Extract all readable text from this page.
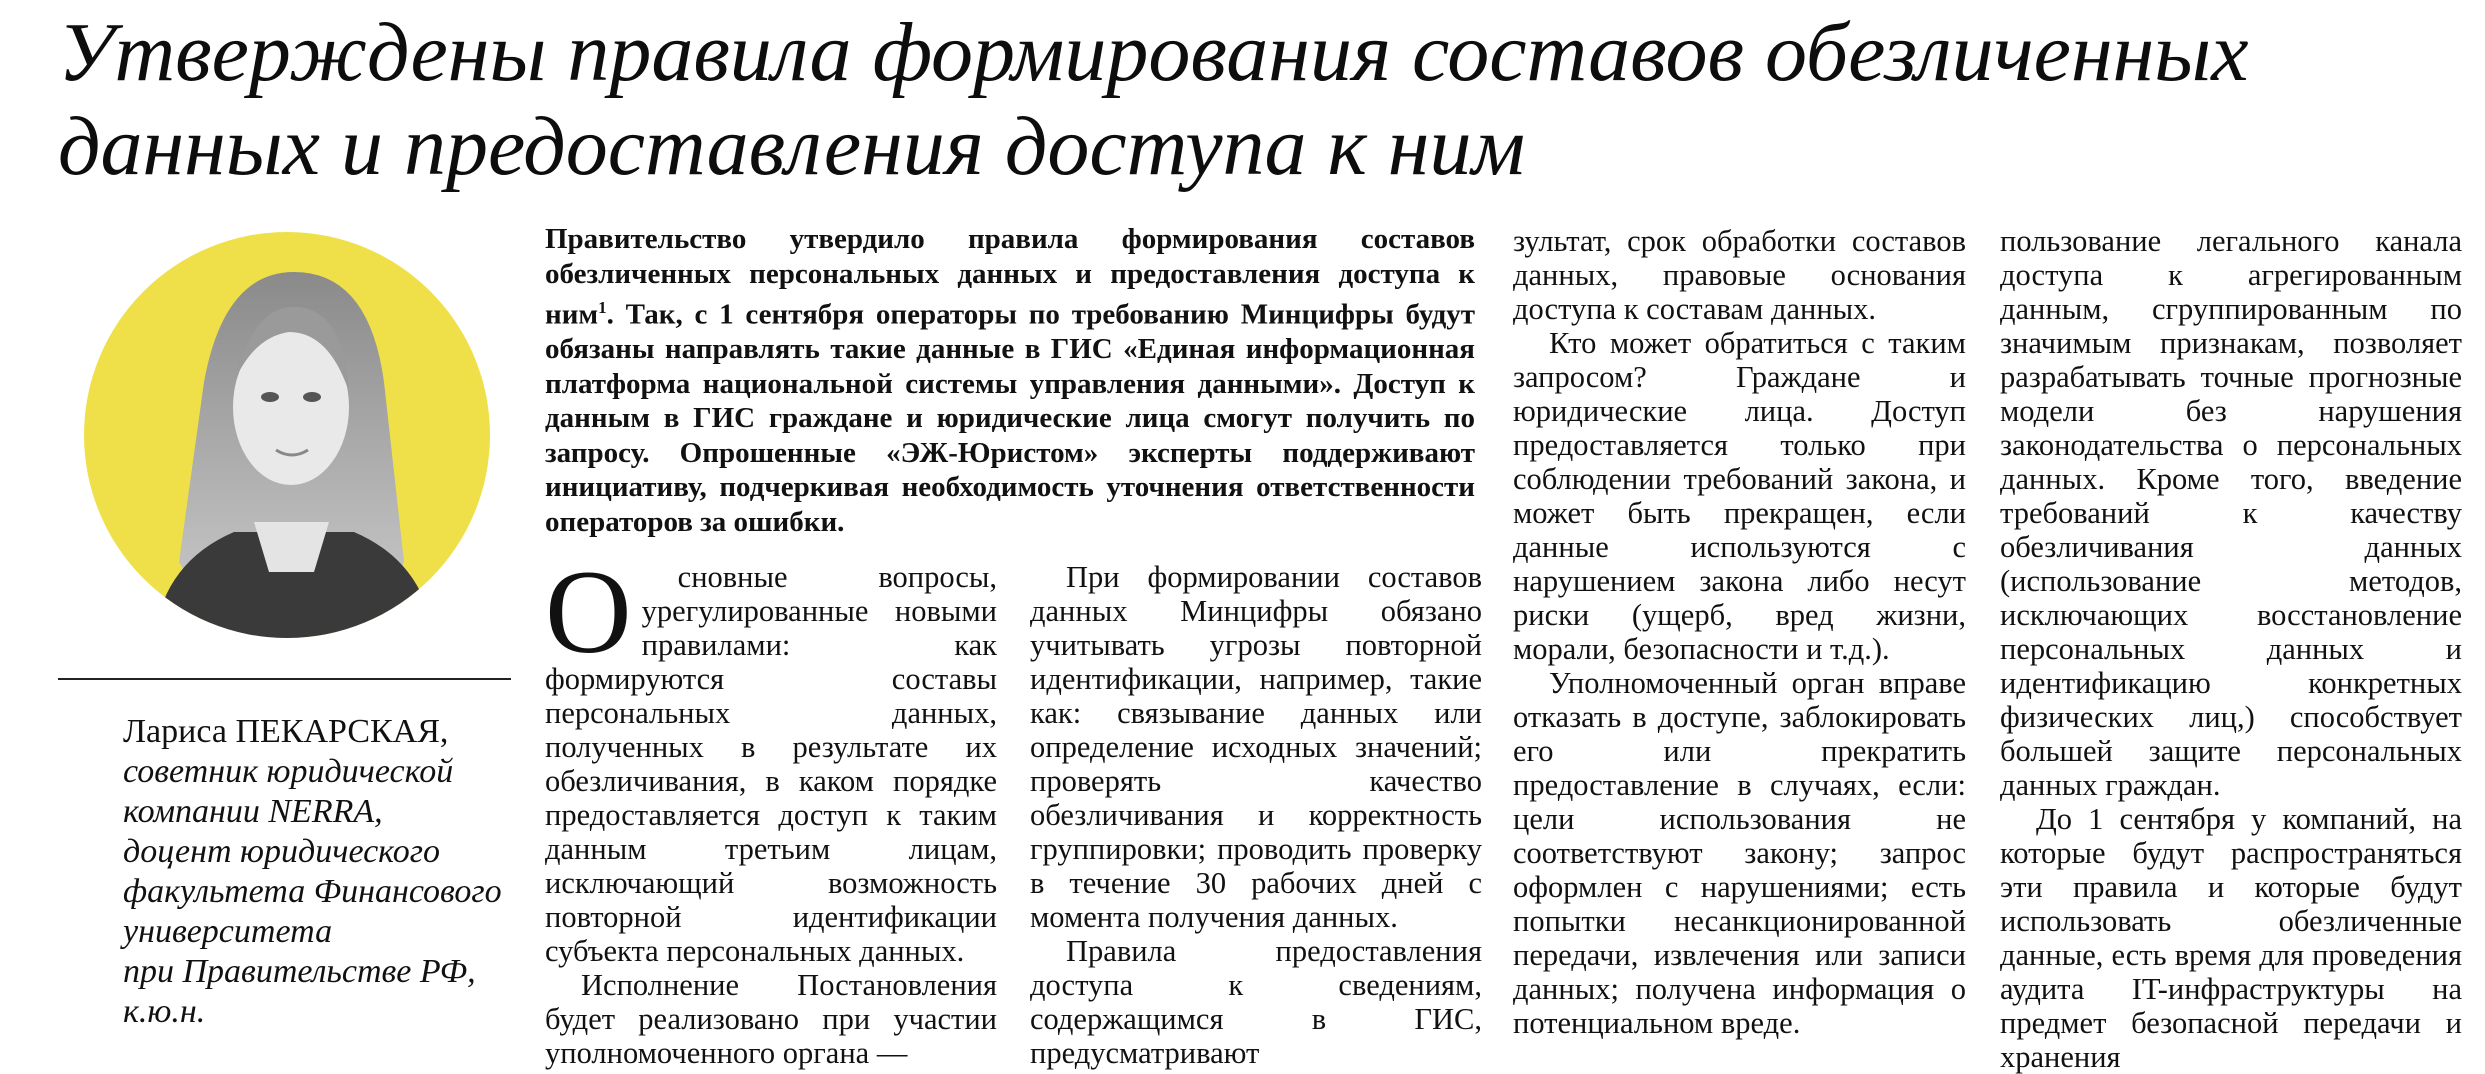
Утверждены правила формирования составов обезличенных данных и предоставления доступа к ним
Лариса ПЕКАРСКАЯ,
советник юридической компании NERRA,
доцент юридического факультета Финансового университета
при Правительстве РФ,
к.ю.н.
Правительство утвердило правила формирования составов обезличенных персональных данных и предоставления доступа к ним$^1$. Так, с 1 сентября операторы по требованию Минцифры будут обязаны направлять такие данные в ГИС «Единая информационная платформа национальной системы управления данными». Доступ к данным в ГИС граждане и юридические лица смогут получить по запросу. Опрошенные «ЭЖ-Юристом» эксперты поддерживают инициативу, подчеркивая необходимость уточнения ответственности операторов за ошибки.

О сновные вопросы, урегулированные новыми правилами: как формируются составы персональных данных, полученных в результате их обезличивания, в каком порядке предоставляется доступ к таким данным третьим лицам, исключающий возможность повторной идентификации субъекта персональных данных.

Исполнение Постановления будет реализовано при участии уполномоченного органа —

При формировании составов данных Минцифры обязано учитывать угрозы повторной идентификации, например, такие как: связывание данных или определение исходных значений; проверять качество обезличивания и корректность группировки; проводить проверку в течение 30 рабочих дней с момента получения данных.

Правила предоставления доступа к сведениям, содержащимся в ГИС, предусматривают

зультат, срок обработки составов данных, правовые основания доступа к составам данных.

Кто может обратиться с таким запросом? Граждане и юридические лица. Доступ предоставляется только при соблюдении требований закона, и может быть прекращен, если данные используются с нарушением закона либо несут риски (ущерб, вред жизни, морали, безопасности и т.д.).

Уполномоченный орган вправе отказать в доступе, заблокировать его или прекратить предоставление в случаях, если: цели использования не соответствуют закону; запрос оформлен с нарушениями; есть попытки несанкционированной передачи, извлечения или записи данных; получена информация о потенциальном вреде.

пользование легального канала доступа к агрегированным данным, сгруппированным по значимым признакам, позволяет разрабатывать точные прогнозные модели без нарушения законодательства о персональных данных. Кроме того, введение требований к качеству обезличивания данных (использование методов, исключающих восстановление персональных данных и идентификацию конкретных физических лиц,) способствует большей защите персональных данных граждан.

До 1 сентября у компаний, на которые будут распространяться эти правила и которые будут использовать обезличенные данные, есть время для проведения аудита IT-инфраструктуры на предмет безопасной передачи и хранения
